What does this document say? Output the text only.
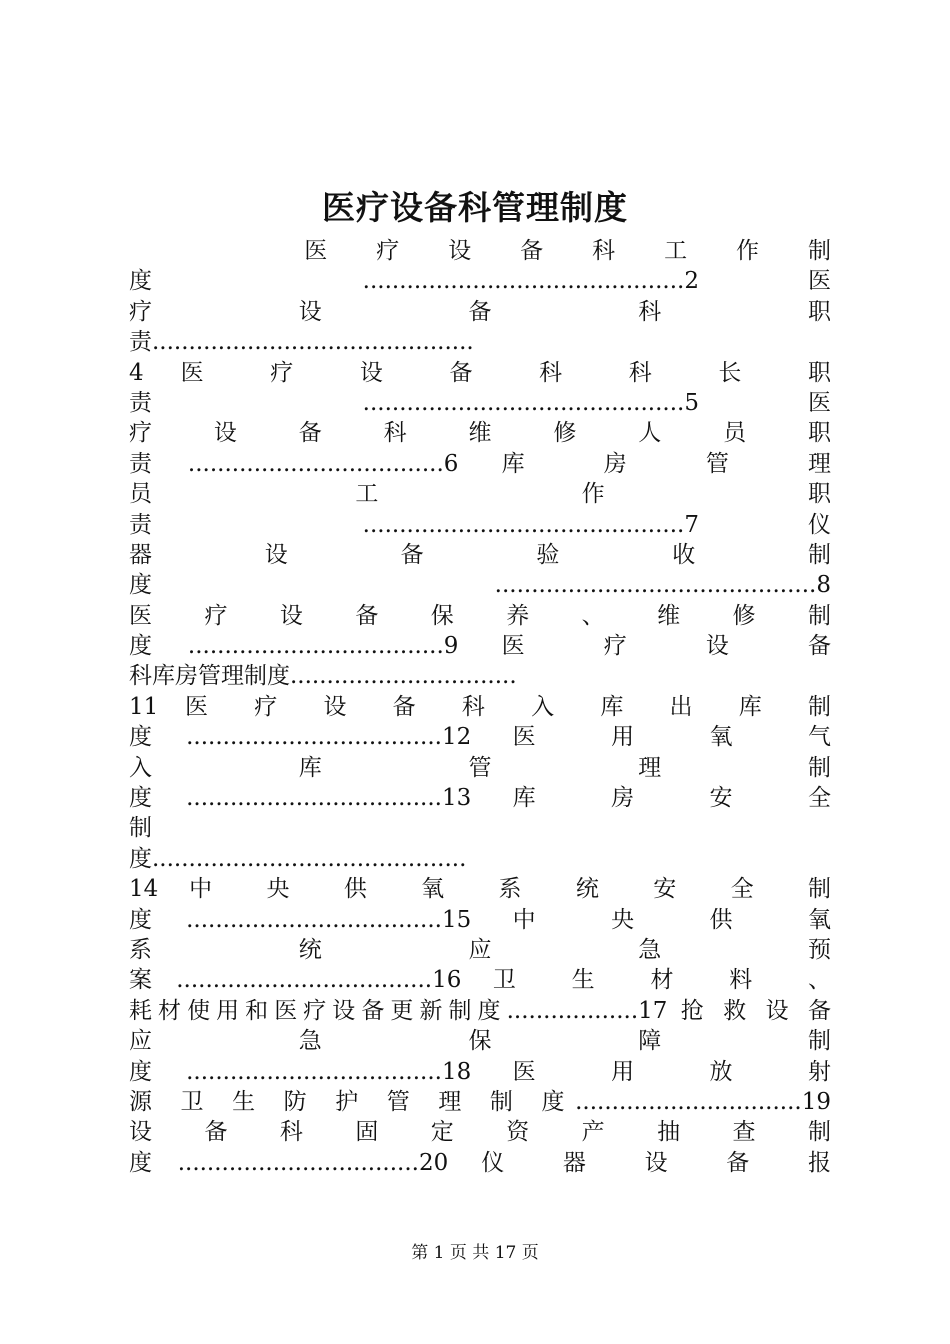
医疗设备科管理制度
　　　　医 疗 设 备 科 工 作 制
度 ............................................2 医
疗 设 备 科 职
责............................................
4 医 疗 设 备 科 科 长 职
责 ............................................5 医
疗 设 备 科 维 修 人 员 职
责...................................6 库 房 管 理
员 工 作 职
责 ............................................7 仪
器 设 备 验 收 制
度 ............................................8
医 疗 设 备 保 养 、 维 修 制
度...................................9 医 疗 设 备
科库房管理制度...............................
11 医 疗 设 备 科 入 库 出 库 制
度...................................12 医 用 氧 气
入 库 管 理 制
度...................................13 库 房 安 全
制
度...........................................
14 中 央 供 氧 系 统 安 全 制
度...................................15 中 央 供 氧
系 统 应 急 预
案...................................16 卫 生 材 料 、
耗材使用和医疗设备更新制度..................17 抢 救 设 备
应 急 保 障 制
度...................................18 医 用 放 射
源 卫 生 防 护 管 理 制 度...............................19
设 备 科 固 定 资 产 抽 查 制
度.................................20 仪 器 设 备 报
第 1 页 共 17 页
